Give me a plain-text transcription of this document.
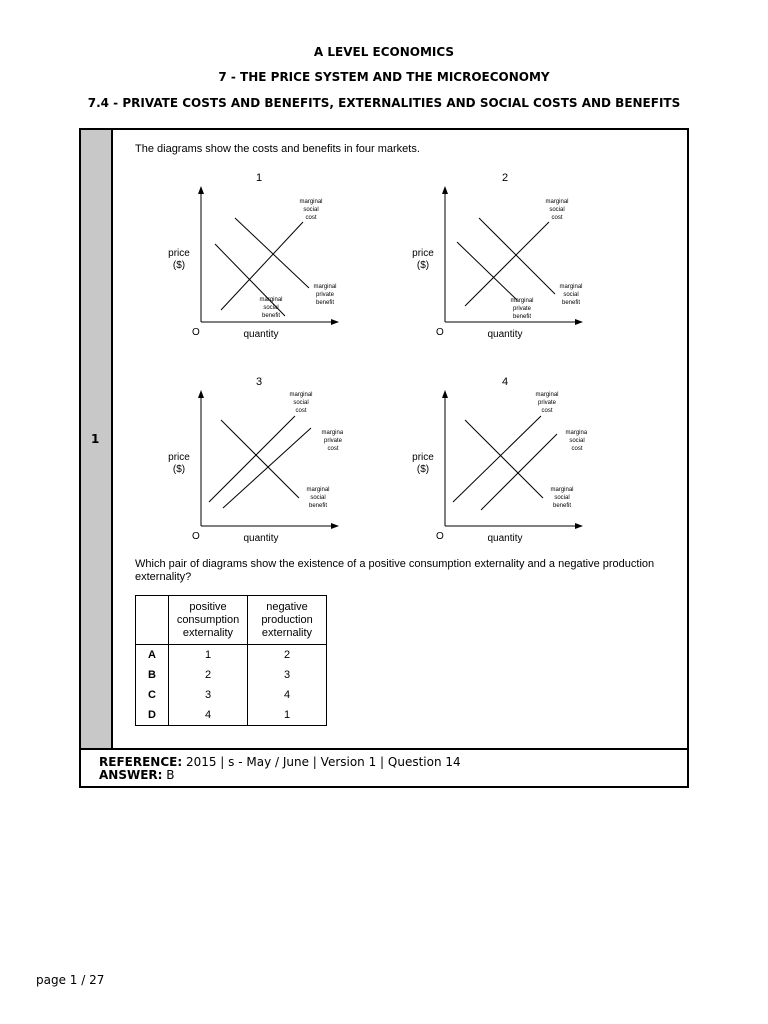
A LEVEL ECONOMICS
7 - THE PRICE SYSTEM AND THE MICROECONOMY
7.4 - PRIVATE COSTS AND BENEFITS, EXTERNALITIES AND SOCIAL COSTS AND BENEFITS
1
The diagrams show the costs and benefits in four markets.
1
O	quantity
price
($)
marginal
social
cost
marginal
social
benefit
marginal
private
benefit
2
O	quantity
price
($)
marginal
social
cost
marginal
private
benefit
marginal
social
benefit
3
O	quantity
price
($)
marginal
social
cost
marginal
private
cost
marginal
social
benefit
4
O	quantity
price
($)
marginal
private
cost
marginal
social
cost
marginal
social
benefit
Which pair of diagrams show the existence of a positive consumption externality and a negative production externality?
	positive
consumption
externality	negative
production
externality
A	1	2
B	2	3
C	3	4
D	4	1
REFERENCE: 2015 | s - May / June | Version 1 | Question 14
ANSWER: B
page 1 / 27
